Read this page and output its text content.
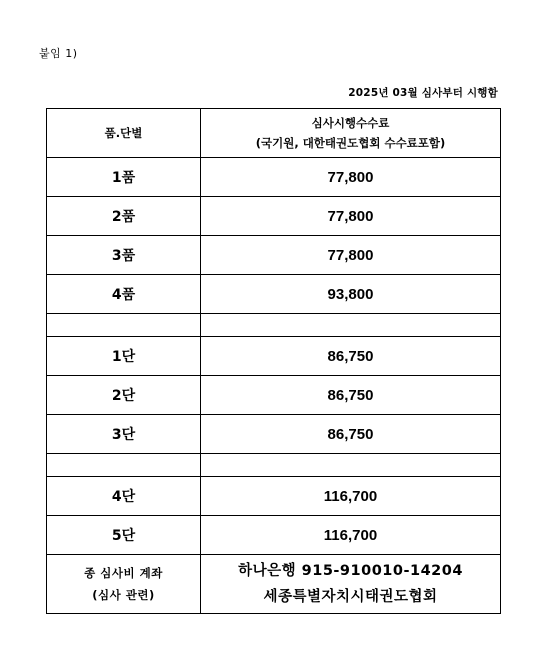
붙임 1)
2025년 03월 심사부터 시행함
품.단별	심사시행수수료
(국기원, 대한태권도협회 수수료포함)

1품	77,800
2품	77,800
3품	77,800
4품	93,800

1단	86,750
2단	86,750
3단	86,750

4단	116,700
5단	116,700

종 심사비 계좌
(심사 관련)	하나은행 915-910010-14204
세종특별자치시태권도협회
